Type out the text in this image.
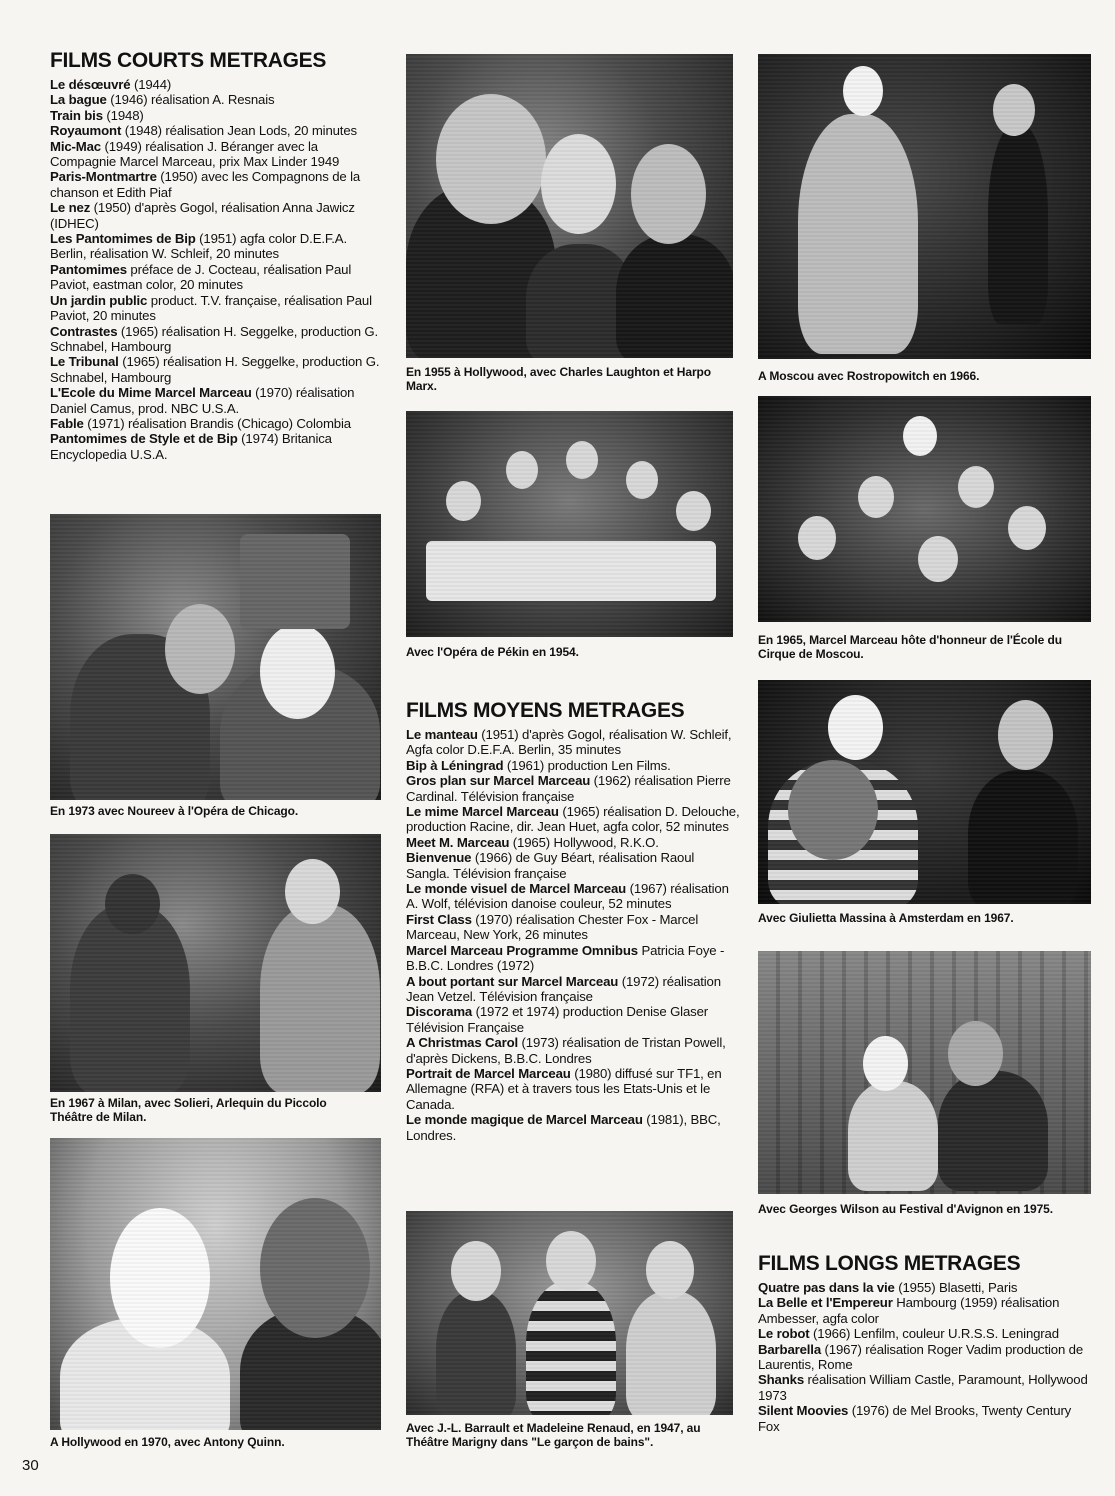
FILMS COURTS METRAGES
Le désœuvré (1944)
La bague (1946) réalisation A. Resnais
Train bis (1948)
Royaumont (1948) réalisation Jean Lods, 20 minutes
Mic-Mac (1949) réalisation J. Béranger avec la Compagnie Marcel Marceau, prix Max Linder 1949
Paris-Montmartre (1950) avec les Compagnons de la chanson et Edith Piaf
Le nez (1950) d'après Gogol, réalisation Anna Jawicz (IDHEC)
Les Pantomimes de Bip (1951) agfa color D.E.F.A. Berlin, réalisation W. Schleif, 20 minutes
Pantomimes préface de J. Cocteau, réalisation Paul Paviot, eastman color, 20 minutes
Un jardin public product. T.V. française, réalisation Paul Paviot, 20 minutes
Contrastes (1965) réalisation H. Seggelke, production G. Schnabel, Hambourg
Le Tribunal (1965) réalisation H. Seggelke, production G. Schnabel, Hambourg
L'Ecole du Mime Marcel Marceau (1970) réalisation Daniel Camus, prod. NBC U.S.A.
Fable (1971) réalisation Brandis (Chicago) Colombia
Pantomimes de Style et de Bip (1974) Britanica Encyclopedia U.S.A.
En 1973 avec Noureev à l'Opéra de Chicago.
En 1967 à Milan, avec Solieri, Arlequin du Piccolo Théâtre de Milan.
A Hollywood en 1970, avec Antony Quinn.
En 1955 à Hollywood, avec Charles Laughton et Harpo Marx.
Avec l'Opéra de Pékin en 1954.
FILMS MOYENS METRAGES
Le manteau (1951) d'après Gogol, réalisation W. Schleif, Agfa color D.E.F.A. Berlin, 35 minutes
Bip à Léningrad (1961) production Len Films.
Gros plan sur Marcel Marceau (1962) réalisation Pierre Cardinal. Télévision française
Le mime Marcel Marceau (1965) réalisation D. Delouche, production Racine, dir. Jean Huet, agfa color, 52 minutes
Meet M. Marceau (1965) Hollywood, R.K.O.
Bienvenue (1966) de Guy Béart, réalisation Raoul Sangla. Télévision française
Le monde visuel de Marcel Marceau (1967) réalisation A. Wolf, télévision danoise couleur, 52 minutes
First Class (1970) réalisation Chester Fox - Marcel Marceau, New York, 26 minutes
Marcel Marceau Programme Omnibus Patricia Foye - B.B.C. Londres (1972)
A bout portant sur Marcel Marceau (1972) réalisation Jean Vetzel. Télévision française
Discorama (1972 et 1974) production Denise Glaser Télévision Française
A Christmas Carol (1973) réalisation de Tristan Powell, d'après Dickens, B.B.C. Londres
Portrait de Marcel Marceau (1980) diffusé sur TF1, en Allemagne (RFA) et à travers tous les Etats-Unis et le Canada.
Le monde magique de Marcel Marceau (1981), BBC, Londres.
Avec J.-L. Barrault et Madeleine Renaud, en 1947, au Théâtre Marigny dans "Le garçon de bains".
A Moscou avec Rostropowitch en 1966.
En 1965, Marcel Marceau hôte d'honneur de l'École du Cirque de Moscou.
Avec Giulietta Massina à Amsterdam en 1967.
Avec Georges Wilson au Festival d'Avignon en 1975.
FILMS LONGS METRAGES
Quatre pas dans la vie (1955) Blasetti, Paris
La Belle et l'Empereur Hambourg (1959) réalisation Ambesser, agfa color
Le robot (1966) Lenfilm, couleur U.R.S.S. Leningrad
Barbarella (1967) réalisation Roger Vadim production de Laurentis, Rome
Shanks réalisation William Castle, Paramount, Hollywood 1973
Silent Moovies (1976) de Mel Brooks, Twenty Century Fox
30
